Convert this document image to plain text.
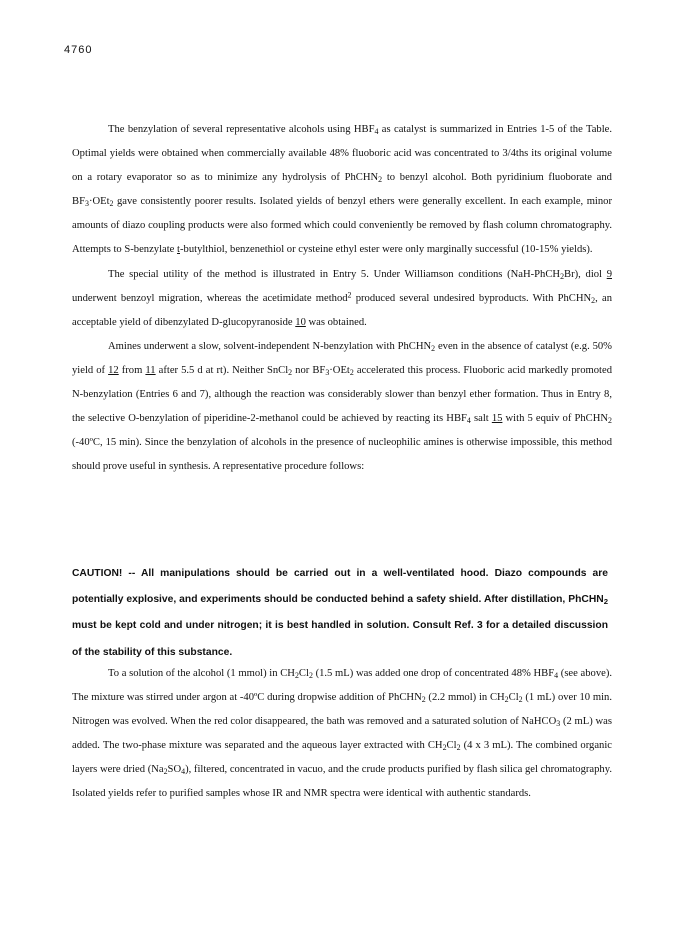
4760

The benzylation of several representative alcohols using $HBF_4$ as catalyst is summarized in Entries 1-5 of the Table. Optimal yields were obtained when commercially available 48% fluoboric acid was concentrated to 3/4ths its original volume on a rotary evaporator so as to minimize any hydrolysis of PhCHN$_2$ to benzyl alcohol. Both pyridinium fluoborate and $BF_3\cdot OEt_2$ gave consistently poorer results. Isolated yields of benzyl ethers were generally excellent. In each example, minor amounts of diazo coupling products were also formed which could conveniently be removed by flash column chromatography. Attempts to S-benzylate t-butylthiol, benzenethiol or cysteine ethyl ester were only marginally successful (10-15% yields).

The special utility of the method is illustrated in Entry 5. Under Williamson conditions (NaH-PhCH$_2$Br), diol 9 underwent benzoyl migration, whereas the acetimidate method$^2$ produced several undesired byproducts. With PhCHN$_2$, an acceptable yield of dibenzylated D-glucopyranoside 10 was obtained.

Amines underwent a slow, solvent-independent N-benzylation with PhCHN$_2$ even in the absence of catalyst (e.g. 50% yield of 12 from 11 after 5.5 d at rt). Neither SnCl$_2$ nor $BF_3\cdot OEt_2$ accelerated this process. Fluoboric acid markedly promoted N-benzylation (Entries 6 and 7), although the reaction was considerably slower than benzyl ether formation. Thus in Entry 8, the selective O-benzylation of piperidine-2-methanol could be achieved by reacting its $HBF_4$ salt 15 with 5 equiv of PhCHN$_2$ (-40ºC, 15 min). Since the benzylation of alcohols in the presence of nucleophilic amines is otherwise impossible, this method should prove useful in synthesis. A representative procedure follows:

CAUTION! -- All manipulations should be carried out in a well-ventilated hood. Diazo compounds are potentially explosive, and experiments should be conducted behind a safety shield. After distillation, PhCHN$_2$ must be kept cold and under nitrogen; it is best handled in solution. Consult Ref. 3 for a detailed discussion of the stability of this substance.

To a solution of the alcohol (1 mmol) in $CH_2Cl_2$ (1.5 mL) was added one drop of concentrated 48% $HBF_4$ (see above). The mixture was stirred under argon at -40ºC during dropwise addition of PhCHN$_2$ (2.2 mmol) in $CH_2Cl_2$ (1 mL) over 10 min. Nitrogen was evolved. When the red color disappeared, the bath was removed and a saturated solution of NaHCO$_3$ (2 mL) was added. The two-phase mixture was separated and the aqueous layer extracted with $CH_2Cl_2$ (4 x 3 mL). The combined organic layers were dried $(Na_2SO_4)$, filtered, concentrated in vacuo, and the crude products purified by flash silica gel chromatography. Isolated yields refer to purified samples whose IR and NMR spectra were identical with authentic standards.
